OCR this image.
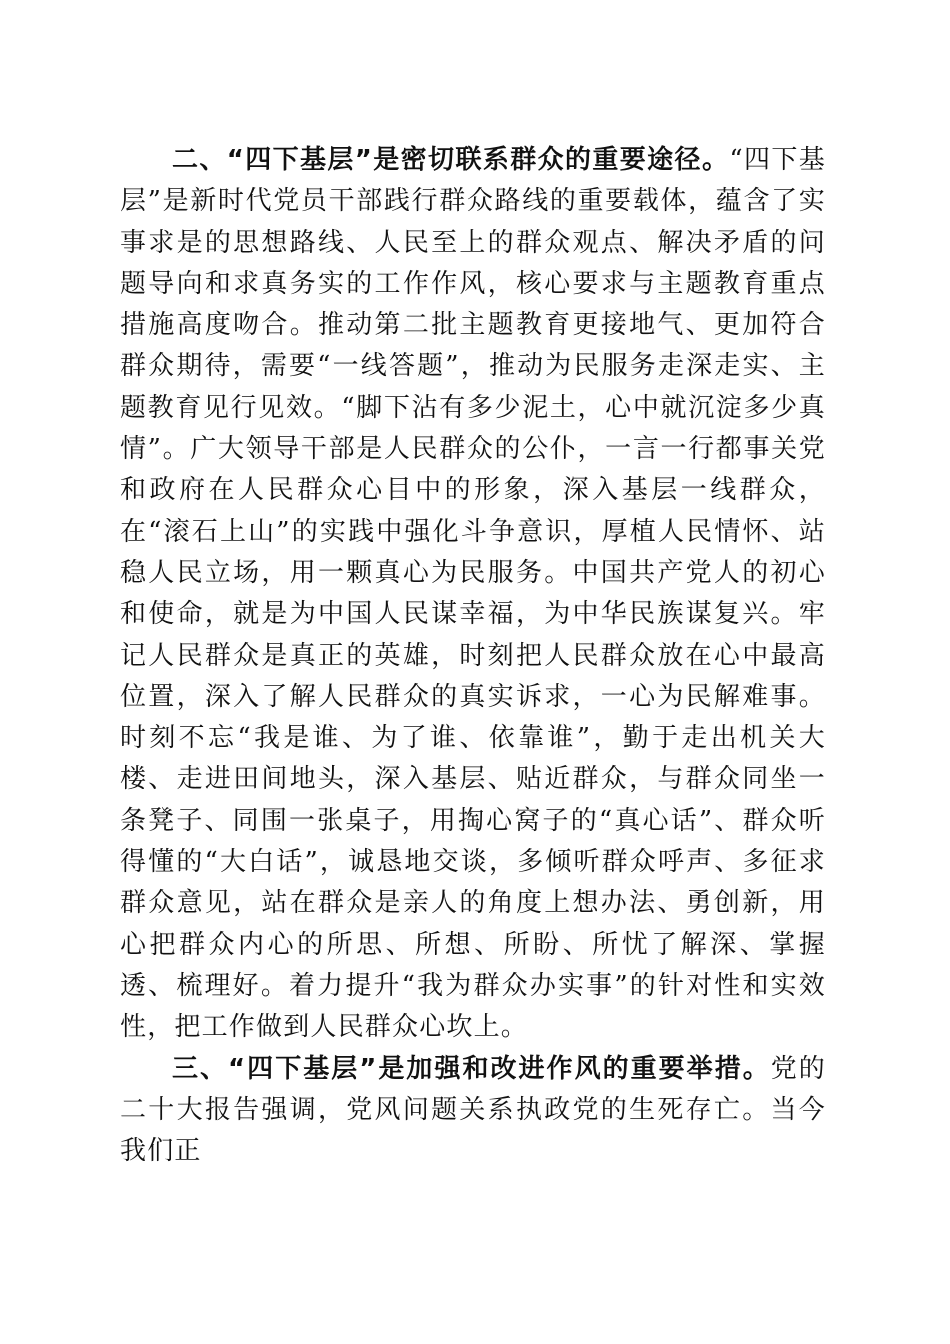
二、“四下基层”是密切联系群众的重要途径。“四下基层”是新时代党员干部践行群众路线的重要载体，蕴含了实事求是的思想路线、人民至上的群众观点、解决矛盾的问题导向和求真务实的工作作风，核心要求与主题教育重点措施高度吻合。推动第二批主题教育更接地气、更加符合群众期待，需要“一线答题”，推动为民服务走深走实、主题教育见行见效。“脚下沾有多少泥土，心中就沉淀多少真情”。广大领导干部是人民群众的公仆，一言一行都事关党和政府在人民群众心目中的形象，深入基层一线群众，在“滚石上山”的实践中强化斗争意识，厚植人民情怀、站稳人民立场，用一颗真心为民服务。中国共产党人的初心和使命，就是为中国人民谋幸福，为中华民族谋复兴。牢记人民群众是真正的英雄，时刻把人民群众放在心中最高位置，深入了解人民群众的真实诉求，一心为民解难事。时刻不忘“我是谁、为了谁、依靠谁”，勤于走出机关大楼、走进田间地头，深入基层、贴近群众，与群众同坐一条凳子、同围一张桌子，用掏心窝子的“真心话”、群众听得懂的“大白话”，诚恳地交谈，多倾听群众呼声、多征求群众意见，站在群众是亲人的角度上想办法、勇创新，用心把群众内心的所思、所想、所盼、所忧了解深、掌握透、梳理好。着力提升“我为群众办实事”的针对性和实效性，把工作做到人民群众心坎上。

三、“四下基层”是加强和改进作风的重要举措。党的二十大报告强调，党风问题关系执政党的生死存亡。当今我们正
